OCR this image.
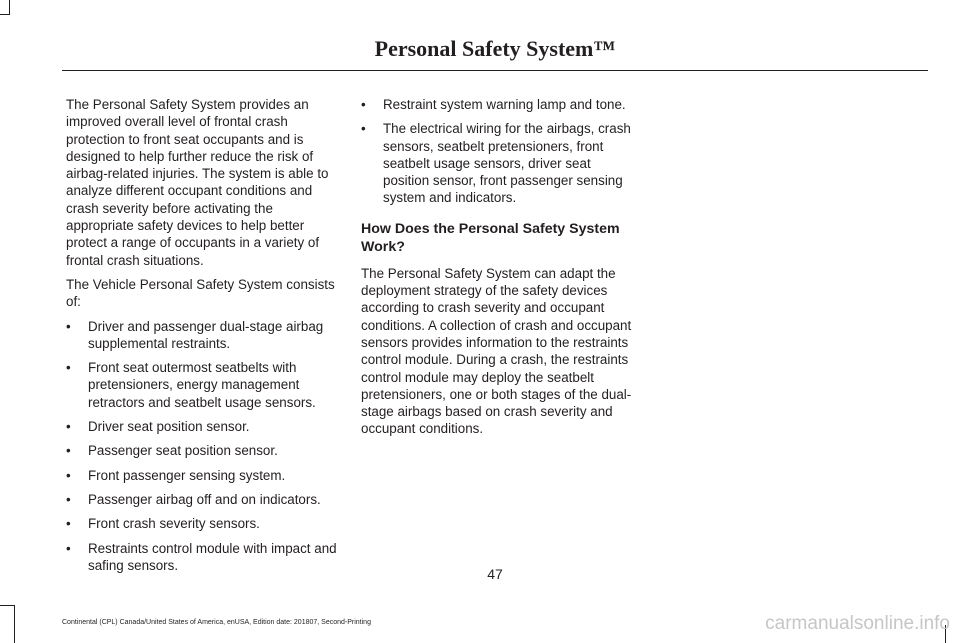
Personal Safety System™

The Personal Safety System provides an improved overall level of frontal crash protection to front seat occupants and is designed to help further reduce the risk of airbag-related injuries. The system is able to analyze different occupant conditions and crash severity before activating the appropriate safety devices to help better protect a range of occupants in a variety of frontal crash situations.

The Vehicle Personal Safety System consists of:

• Driver and passenger dual-stage airbag supplemental restraints.
• Front seat outermost seatbelts with pretensioners, energy management retractors and seatbelt usage sensors.
• Driver seat position sensor.
• Passenger seat position sensor.
• Front passenger sensing system.
• Passenger airbag off and on indicators.
• Front crash severity sensors.
• Restraints control module with impact and safing sensors.
• Restraint system warning lamp and tone.
• The electrical wiring for the airbags, crash sensors, seatbelt pretensioners, front seatbelt usage sensors, driver seat position sensor, front passenger sensing system and indicators.
How Does the Personal Safety System Work?

The Personal Safety System can adapt the deployment strategy of the safety devices according to crash severity and occupant conditions. A collection of crash and occupant sensors provides information to the restraints control module. During a crash, the restraints control module may deploy the seatbelt pretensioners, one or both stages of the dual-stage airbags based on crash severity and occupant conditions.

47

Continental (CPL) Canada/United States of America, enUSA, Edition date: 201807, Second-Printing	carmanualsonline.info
